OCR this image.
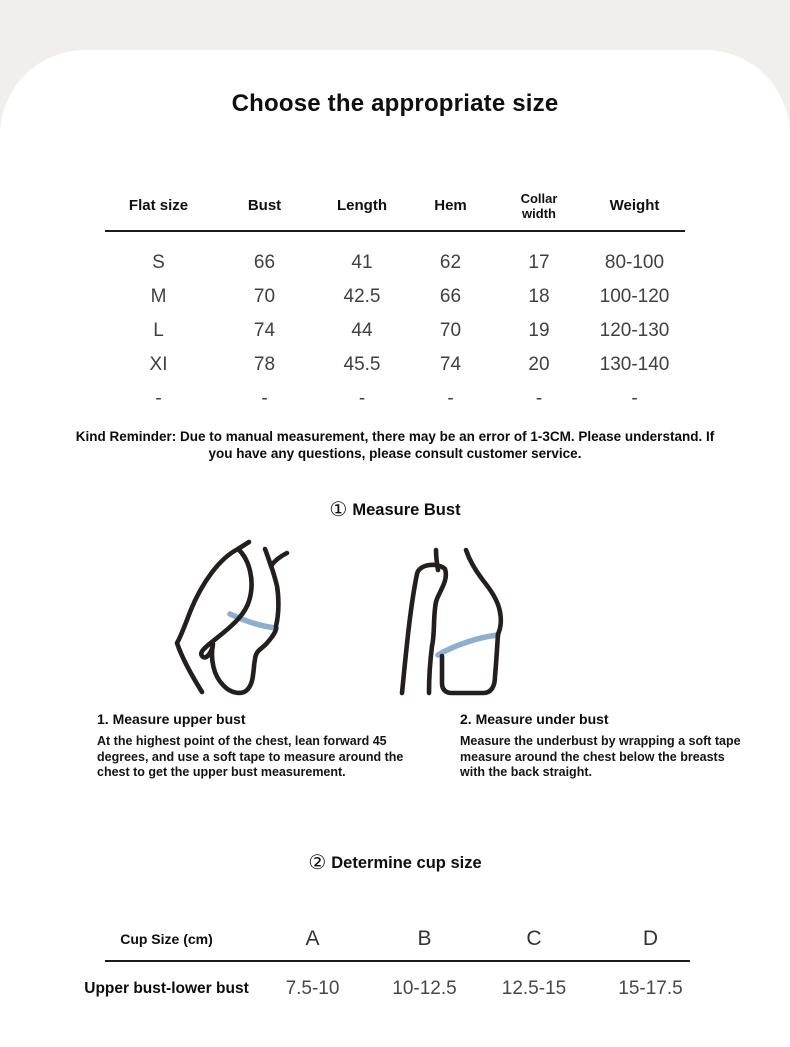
Choose the appropriate size
Flat size	Bust	Length	Hem	Collar width	Weight
S	66	41	62	17	80-100
M	70	42.5	66	18	100-120
L	74	44	70	19	120-130
XI	78	45.5	74	20	130-140
-	-	-	-	-	-

Kind Reminder: Due to manual measurement, there may be an error of 1-3CM. Please understand. If you have any questions, please consult customer service.

① Measure Bust
1. Measure upper bust

At the highest point of the chest, lean forward 45 degrees, and use a soft tape to measure around the chest to get the upper bust measurement.

2. Measure under bust

Measure the underbust by wrapping a soft tape measure around the chest below the breasts with the back straight.

② Determine cup size
Cup Size (cm)	A	B	C	D
Upper bust-lower bust	7.5-10	10-12.5	12.5-15	15-17.5
